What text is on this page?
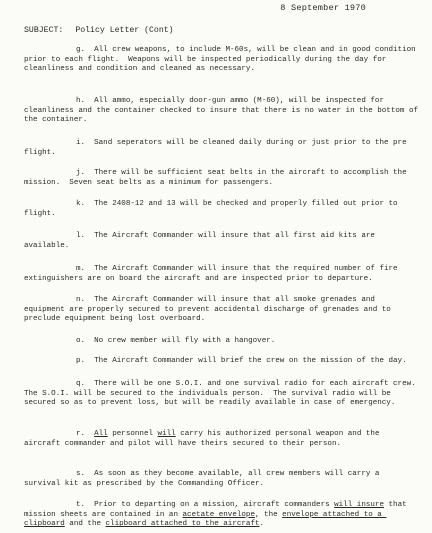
8 September 1970
SUBJECT: Policy Letter (Cont)
g. All crew weapons, to include M-60s, will be clean and in good condition prior to each flight.  Weapons will be inspected periodically during the day for cleanliness and condition and cleaned as necessary.
h. All ammo, especially door-gun ammo (M-60), will be inspected for cleanliness and the container checked to insure that there is no water in the bottom of the container.
i. Sand seperators will be cleaned daily during or just prior to the pre flight.
j. There will be sufficient seat belts in the aircraft to accomplish the mission.  Seven seat belts as a minimum for passengers.
k. The 2408-12 and 13 will be checked and properly filled out prior to flight.
l. The Aircraft Commander will insure that all first aid kits are available.
m. The Aircraft Commander will insure that the required number of fire extinguishers are on board the aircraft and are inspected prior to departure.
n. The Aircraft Commander will insure that all smoke grenades and equipment are properly secured to prevent accidental discharge of grenades and to preclude equipment being lost overboard.
o. No crew member will fly with a hangover.
p. The Aircraft Commander will brief the crew on the mission of the day.
q. There will be one S.O.I. and one survival radio for each aircraft crew.  The S.O.I. will be secured to the individuals person.  The survival radio will be secured so as to prevent loss, but will be readily available in case of emergency.
r. All personnel will carry his authorized personal weapon and the aircraft commander and pilot will have theirs secured to their person.
s. As soon as they become available, all crew members will carry a survival kit as prescribed by the Commanding Officer.
t. Prior to departing on a mission, aircraft commanders will insure that mission sheets are contained in an acetate envelope, the envelope attached to a clipboard and the clipboard attached to the aircraft.
